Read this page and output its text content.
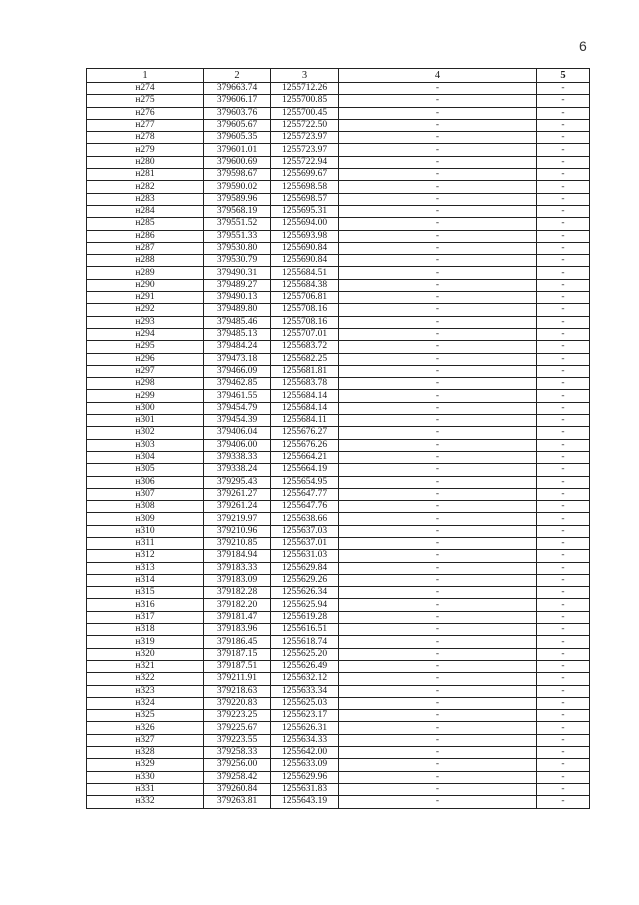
6
1	2	3	4	5
н274	379663.74	1255712.26	-	-
н275	379606.17	1255700.85	-	-
н276	379603.76	1255700.45	-	-
н277	379605.67	1255722.50	-	-
н278	379605.35	1255723.97	-	-
н279	379601.01	1255723.97	-	-
н280	379600.69	1255722.94	-	-
н281	379598.67	1255699.67	-	-
н282	379590.02	1255698.58	-	-
н283	379589.96	1255698.57	-	-
н284	379568.19	1255695.31	-	-
н285	379551.52	1255694.00	-	-
н286	379551.33	1255693.98	-	-
н287	379530.80	1255690.84	-	-
н288	379530.79	1255690.84	-	-
н289	379490.31	1255684.51	-	-
н290	379489.27	1255684.38	-	-
н291	379490.13	1255706.81	-	-
н292	379489.80	1255708.16	-	-
н293	379485.46	1255708.16	-	-
н294	379485.13	1255707.01	-	-
н295	379484.24	1255683.72	-	-
н296	379473.18	1255682.25	-	-
н297	379466.09	1255681.81	-	-
н298	379462.85	1255683.78	-	-
н299	379461.55	1255684.14	-	-
н300	379454.79	1255684.14	-	-
н301	379454.39	1255684.11	-	-
н302	379406.04	1255676.27	-	-
н303	379406.00	1255676.26	-	-
н304	379338.33	1255664.21	-	-
н305	379338.24	1255664.19	-	-
н306	379295.43	1255654.95	-	-
н307	379261.27	1255647.77	-	-
н308	379261.24	1255647.76	-	-
н309	379219.97	1255638.66	-	-
н310	379210.96	1255637.03	-	-
н311	379210.85	1255637.01	-	-
н312	379184.94	1255631.03	-	-
н313	379183.33	1255629.84	-	-
н314	379183.09	1255629.26	-	-
н315	379182.28	1255626.34	-	-
н316	379182.20	1255625.94	-	-
н317	379181.47	1255619.28	-	-
н318	379183.96	1255616.51	-	-
н319	379186.45	1255618.74	-	-
н320	379187.15	1255625.20	-	-
н321	379187.51	1255626.49	-	-
н322	379211.91	1255632.12	-	-
н323	379218.63	1255633.34	-	-
н324	379220.83	1255625.03	-	-
н325	379223.25	1255623.17	-	-
н326	379225.67	1255626.31	-	-
н327	379223.55	1255634.33	-	-
н328	379258.33	1255642.00	-	-
н329	379256.00	1255633.09	-	-
н330	379258.42	1255629.96	-	-
н331	379260.84	1255631.83	-	-
н332	379263.81	1255643.19	-	-
